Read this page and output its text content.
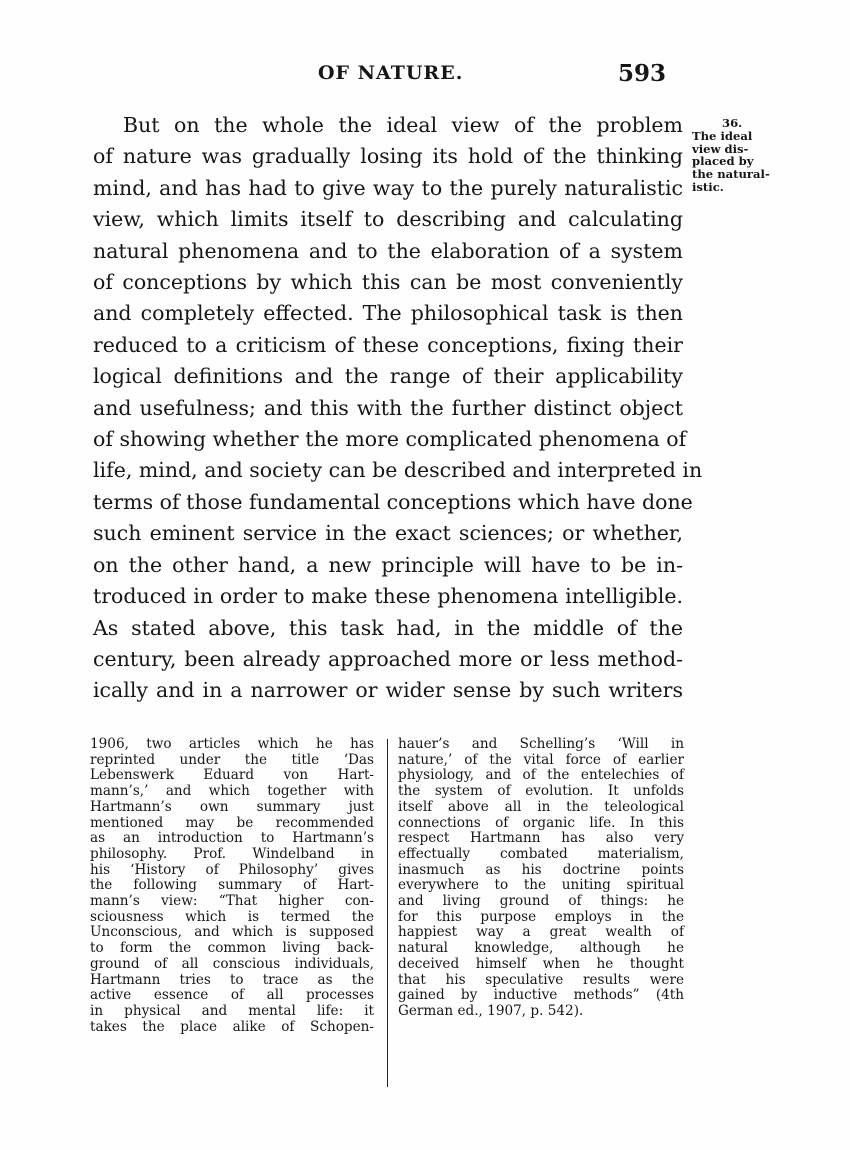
OF NATURE.	593
36.
The ideal
view dis-
placed by
the natural-
istic.
But on the whole the ideal view of the problem
of nature was gradually losing its hold of the thinking
mind, and has had to give way to the purely naturalistic
view, which limits itself to describing and calculating
natural phenomena and to the elaboration of a system
of conceptions by which this can be most conveniently
and completely effected. The philosophical task is then
reduced to a criticism of these conceptions, fixing their
logical definitions and the range of their applicability
and usefulness; and this with the further distinct object
of showing whether the more complicated phenomena of
life, mind, and society can be described and interpreted in
terms of those fundamental conceptions which have done
such eminent service in the exact sciences; or whether,
on the other hand, a new principle will have to be in-
troduced in order to make these phenomena intelligible.
As stated above, this task had, in the middle of the
century, been already approached more or less method-
ically and in a narrower or wider sense by such writers
1906, two articles which he has
reprinted under the title ‘Das
Lebenswerk Eduard von Hart-
mann’s,’ and which together with
Hartmann’s own summary just
mentioned may be recommended
as an introduction to Hartmann’s
philosophy. Prof. Windelband in
his ‘History of Philosophy’ gives
the following summary of Hart-
mann’s view: “That higher con-
sciousness which is termed the
Unconscious, and which is supposed
to form the common living back-
ground of all conscious individuals,
Hartmann tries to trace as the
active essence of all processes
in physical and mental life: it
takes the place alike of Schopen-
hauer’s and Schelling’s ‘Will in
nature,’ of the vital force of earlier
physiology, and of the entelechies of
the system of evolution. It unfolds
itself above all in the teleological
connections of organic life. In this
respect Hartmann has also very
effectually combated materialism,
inasmuch as his doctrine points
everywhere to the uniting spiritual
and living ground of things: he
for this purpose employs in the
happiest way a great wealth of
natural knowledge, although he
deceived himself when he thought
that his speculative results were
gained by inductive methods” (4th
German ed., 1907, p. 542).
